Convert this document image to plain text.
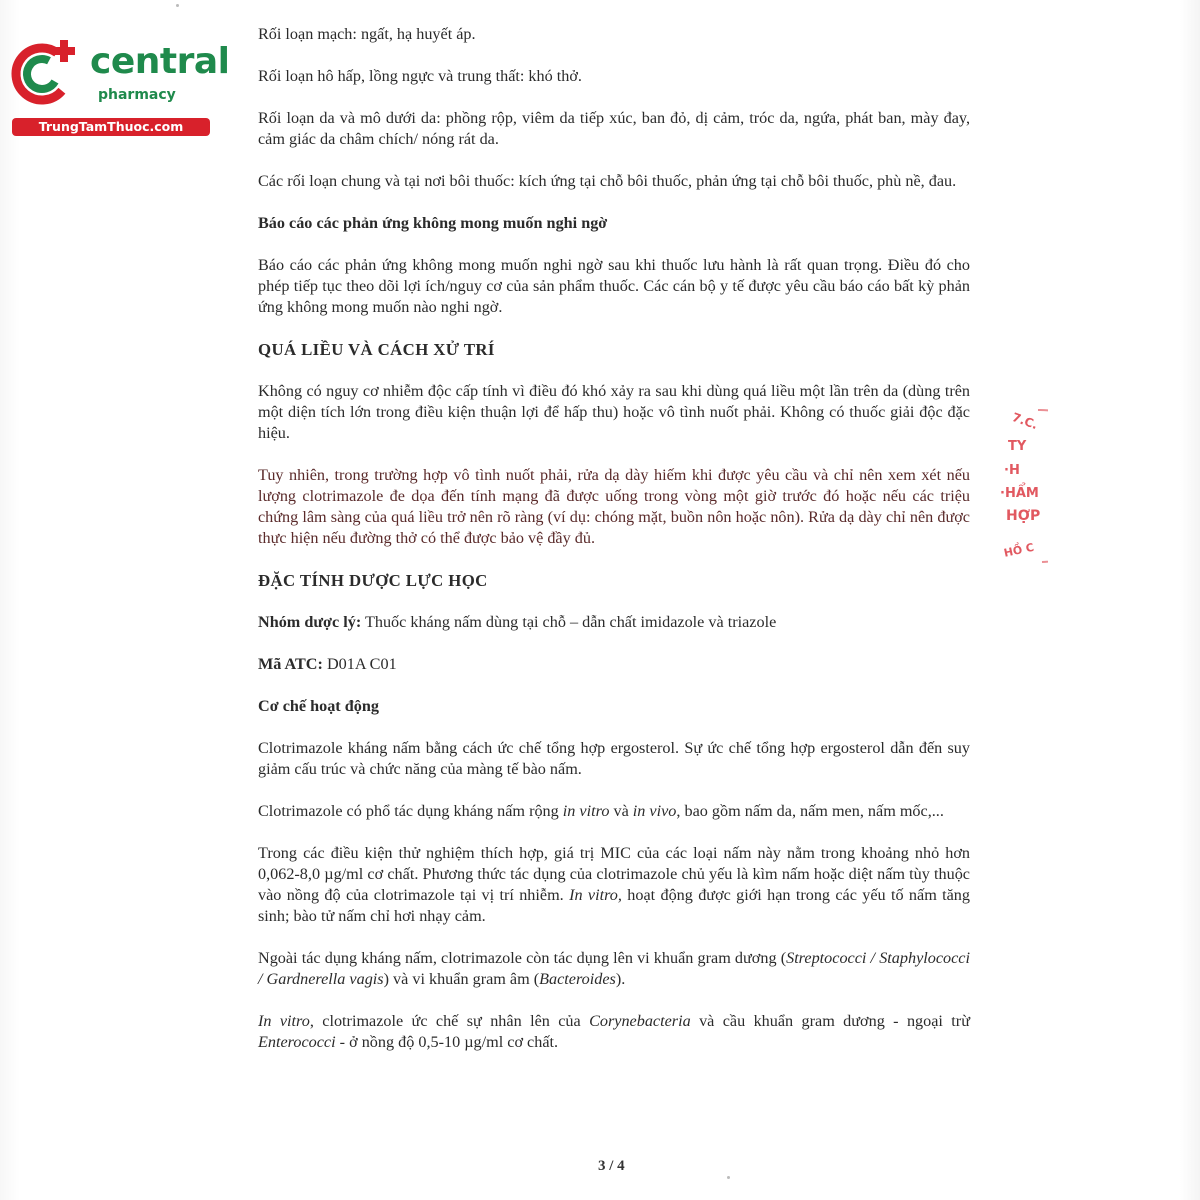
central
pharmacy
TrungTamThuoc.com
7.C.
TY
·H
·HẨM
HỢP
HỒ C

Rối loạn mạch: ngất, hạ huyết áp.

Rối loạn hô hấp, lồng ngực và trung thất: khó thở.

Rối loạn da và mô dưới da: phồng rộp, viêm da tiếp xúc, ban đỏ, dị cảm, tróc da, ngứa, phát ban, mày đay, cảm giác da châm chích/ nóng rát da.

Các rối loạn chung và tại nơi bôi thuốc: kích ứng tại chỗ bôi thuốc, phản ứng tại chỗ bôi thuốc, phù nề, đau.

Báo cáo các phản ứng không mong muốn nghi ngờ

Báo cáo các phản ứng không mong muốn nghi ngờ sau khi thuốc lưu hành là rất quan trọng. Điều đó cho phép tiếp tục theo dõi lợi ích/nguy cơ của sản phẩm thuốc. Các cán bộ y tế được yêu cầu báo cáo bất kỳ phản ứng không mong muốn nào nghi ngờ.

QUÁ LIỀU VÀ CÁCH XỬ TRÍ

Không có nguy cơ nhiễm độc cấp tính vì điều đó khó xảy ra sau khi dùng quá liều một lần trên da (dùng trên một diện tích lớn trong điều kiện thuận lợi để hấp thu) hoặc vô tình nuốt phải. Không có thuốc giải độc đặc hiệu.

Tuy nhiên, trong trường hợp vô tình nuốt phải, rửa dạ dày hiếm khi được yêu cầu và chỉ nên xem xét nếu lượng clotrimazole đe dọa đến tính mạng đã được uống trong vòng một giờ trước đó hoặc nếu các triệu chứng lâm sàng của quá liều trở nên rõ ràng (ví dụ: chóng mặt, buồn nôn hoặc nôn). Rửa dạ dày chỉ nên được thực hiện nếu đường thở có thể được bảo vệ đầy đủ.

ĐẶC TÍNH DƯỢC LỰC HỌC

Nhóm dược lý: Thuốc kháng nấm dùng tại chỗ – dẫn chất imidazole và triazole

Mã ATC: D01A C01

Cơ chế hoạt động

Clotrimazole kháng nấm bằng cách ức chế tổng hợp ergosterol. Sự ức chế tổng hợp ergosterol dẫn đến suy giảm cấu trúc và chức năng của màng tế bào nấm.

Clotrimazole có phổ tác dụng kháng nấm rộng in vitro và in vivo, bao gồm nấm da, nấm men, nấm mốc,...

Trong các điều kiện thử nghiệm thích hợp, giá trị MIC của các loại nấm này nằm trong khoảng nhỏ hơn 0,062-8,0 µg/ml cơ chất. Phương thức tác dụng của clotrimazole chủ yếu là kìm nấm hoặc diệt nấm tùy thuộc vào nồng độ của clotrimazole tại vị trí nhiễm. In vitro, hoạt động được giới hạn trong các yếu tố nấm tăng sinh; bào tử nấm chỉ hơi nhạy cảm.

Ngoài tác dụng kháng nấm, clotrimazole còn tác dụng lên vi khuẩn gram dương (Streptococci / Staphylococci / Gardnerella vagis) và vi khuẩn gram âm (Bacteroides).

In vitro, clotrimazole ức chế sự nhân lên của Corynebacteria và cầu khuẩn gram dương - ngoại trừ Enterococci - ở nồng độ 0,5-10 µg/ml cơ chất.

3 / 4
